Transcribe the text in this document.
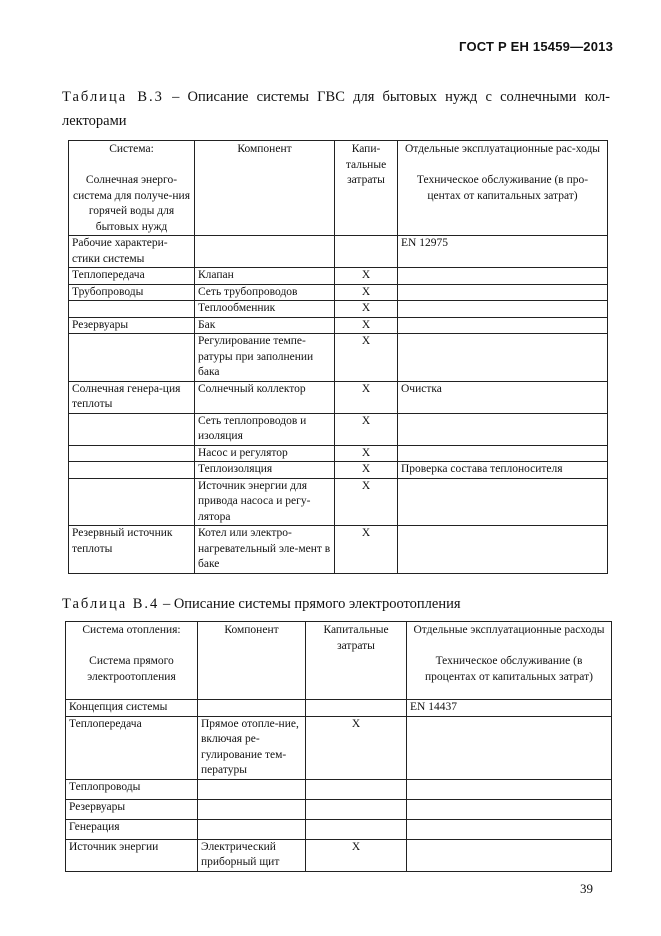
ГОСТ Р ЕН 15459—2013
Таблица В.3 – Описание системы ГВС для бытовых нужд с солнечными кол-
лекторами
Система:
Солнечная энерго-система для получе-ния горячей воды для бытовых нужд	Компонент	Капи-тальные затраты	Отдельные эксплуатационные рас-ходы
Техническое обслуживание (в про-центах от капитальных затрат)
Рабочие характери-стики системы			EN 12975
Теплопередача	Клапан	X	
Трубопроводы	Сеть трубопроводов	X	
	Теплообменник	X	
Резервуары	Бак	X	
	Регулирование темпе-ратуры при заполнении бака	X	
Солнечная генера-ция теплоты	Солнечный коллектор	X	Очистка
	Сеть теплопроводов и изоляция	X	
	Насос и регулятор	X	
	Теплоизоляция	X	Проверка состава теплоносителя
	Источник энергии для привода насоса и регу-лятора	X	
Резервный источник теплоты	Котел или электро-нагревательный эле-мент в баке	X	
Таблица В.4 – Описание системы прямого электроотопления
Система отопления:
Система прямого электроотопления	Компонент	Капитальные затраты	Отдельные эксплуатационные расходы
Техническое обслуживание (в процентах от капитальных затрат)
Концепция системы			EN 14437
Теплопередача	Прямое отопле-ние, включая ре-гулирование тем-пературы	X	
Теплопроводы			
Резервуары			
Генерация			
Источник энергии	Электрический приборный щит	X	
39
